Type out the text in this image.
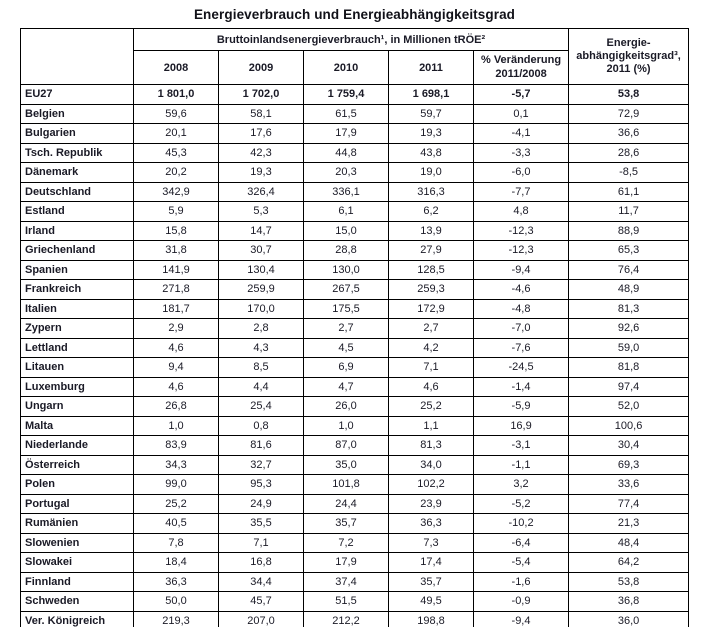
Energieverbrauch und Energieabhängigkeitsgrad
	Bruttoinlandsenergieverbrauch¹, in Millionen tRÖE²					Energie-
abhängigkeitsgrad³,
2011 (%)

	2008	2009	2010	2011	% Veränderung
2011/2008	

EU27	1 801,0	1 702,0	1 759,4	1 698,1	-5,7	53,8
Belgien	59,6	58,1	61,5	59,7	0,1	72,9
Bulgarien	20,1	17,6	17,9	19,3	-4,1	36,6
Tsch. Republik	45,3	42,3	44,8	43,8	-3,3	28,6
Dänemark	20,2	19,3	20,3	19,0	-6,0	-8,5
Deutschland	342,9	326,4	336,1	316,3	-7,7	61,1
Estland	5,9	5,3	6,1	6,2	4,8	11,7
Irland	15,8	14,7	15,0	13,9	-12,3	88,9
Griechenland	31,8	30,7	28,8	27,9	-12,3	65,3
Spanien	141,9	130,4	130,0	128,5	-9,4	76,4
Frankreich	271,8	259,9	267,5	259,3	-4,6	48,9
Italien	181,7	170,0	175,5	172,9	-4,8	81,3
Zypern	2,9	2,8	2,7	2,7	-7,0	92,6
Lettland	4,6	4,3	4,5	4,2	-7,6	59,0
Litauen	9,4	8,5	6,9	7,1	-24,5	81,8
Luxemburg	4,6	4,4	4,7	4,6	-1,4	97,4
Ungarn	26,8	25,4	26,0	25,2	-5,9	52,0
Malta	1,0	0,8	1,0	1,1	16,9	100,6
Niederlande	83,9	81,6	87,0	81,3	-3,1	30,4
Österreich	34,3	32,7	35,0	34,0	-1,1	69,3
Polen	99,0	95,3	101,8	102,2	3,2	33,6
Portugal	25,2	24,9	24,4	23,9	-5,2	77,4
Rumänien	40,5	35,5	35,7	36,3	-10,2	21,3
Slowenien	7,8	7,1	7,2	7,3	-6,4	48,4
Slowakei	18,4	16,8	17,9	17,4	-5,4	64,2
Finnland	36,3	34,4	37,4	35,7	-1,6	53,8
Schweden	50,0	45,7	51,5	49,5	-0,9	36,8
Ver. Königreich	219,3	207,0	212,2	198,8	-9,4	36,0
